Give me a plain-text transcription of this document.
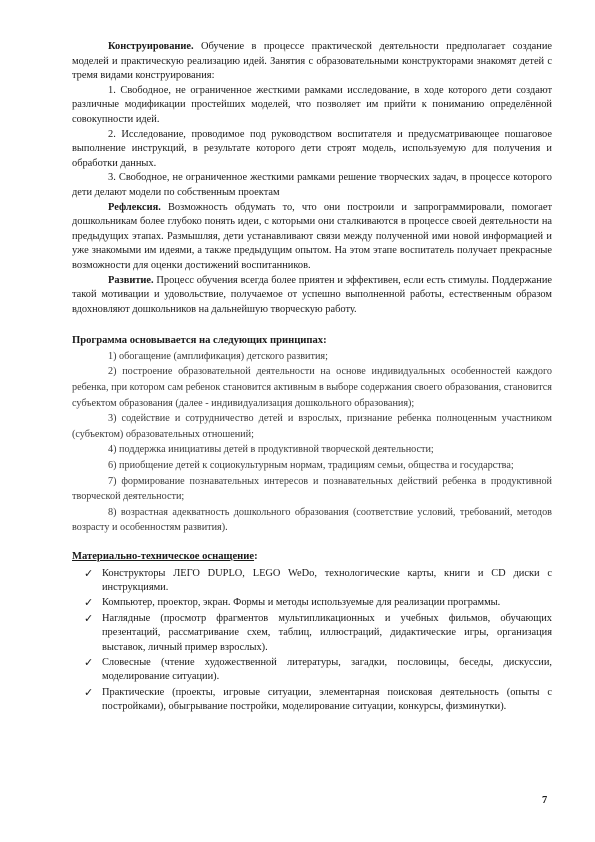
Конструирование. Обучение в процессе практической деятельности предполагает создание моделей и практическую реализацию идей. Занятия с образовательными конструкторами знакомят детей с тремя видами конструирования:

1. Свободное, не ограниченное жесткими рамками исследование, в ходе которого дети создают различные модификации простейших моделей, что позволяет им прийти к пониманию определённой совокупности идей.

2. Исследование, проводимое под руководством воспитателя и предусматривающее пошаговое выполнение инструкций, в результате которого дети строят модель, используемую для получения и обработки данных.

3. Свободное, не ограниченное жесткими рамками решение творческих задач, в процессе которого дети делают модели по собственным проектам

Рефлексия. Возможность обдумать то, что они построили и запрограммировали, помогает дошкольникам более глубоко понять идеи, с которыми они сталкиваются в процессе своей деятельности на предыдущих этапах. Размышляя, дети устанавливают связи между полученной ими новой информацией и уже знакомыми им идеями, а также предыдущим опытом. На этом этапе воспитатель получает прекрасные возможности для оценки достижений воспитанников.

Развитие. Процесс обучения всегда более приятен и эффективен, если есть стимулы. Поддержание такой мотивации и удовольствие, получаемое от успешно выполненной работы, естественным образом вдохновляют дошкольников на дальнейшую творческую работу.

Программа основывается на следующих принципах:

1) обогащение (амплификация) детского развития;

2) построение образовательной деятельности на основе индивидуальных особенностей каждого ребенка, при котором сам ребенок становится активным в выборе содержания своего образования, становится субъектом образования (далее - индивидуализация дошкольного образования);

3) содействие и сотрудничество детей и взрослых, признание ребенка полноценным участником (субъектом) образовательных отношений;

4) поддержка инициативы детей в продуктивной творческой деятельности;

6) приобщение детей к социокультурным нормам, традициям семьи, общества и государства;

7) формирование познавательных интересов и познавательных действий ребенка в продуктивной творческой деятельности;

8) возрастная адекватность дошкольного образования (соответствие условий, требований, методов возрасту и особенностям развития).

Материально-техническое оснащение:

✓ Конструкторы ЛЕГО DUPLO, LEGO WeDo, технологические карты, книги и CD диски с инструкциями.
✓ Компьютер, проектор, экран. Формы и методы используемые для реализации программы.
✓ Наглядные (просмотр фрагментов мультипликационных и учебных фильмов, обучающих презентаций, рассматривание схем, таблиц, иллюстраций, дидактические игры, организация выставок, личный пример взрослых).
✓ Словесные (чтение художественной литературы, загадки, пословицы, беседы, дискуссии, моделирование ситуации).
✓ Практические (проекты, игровые ситуации, элементарная поисковая деятельность (опыты с постройками), обыгрывание постройки, моделирование ситуации, конкурсы, физминутки).
7
